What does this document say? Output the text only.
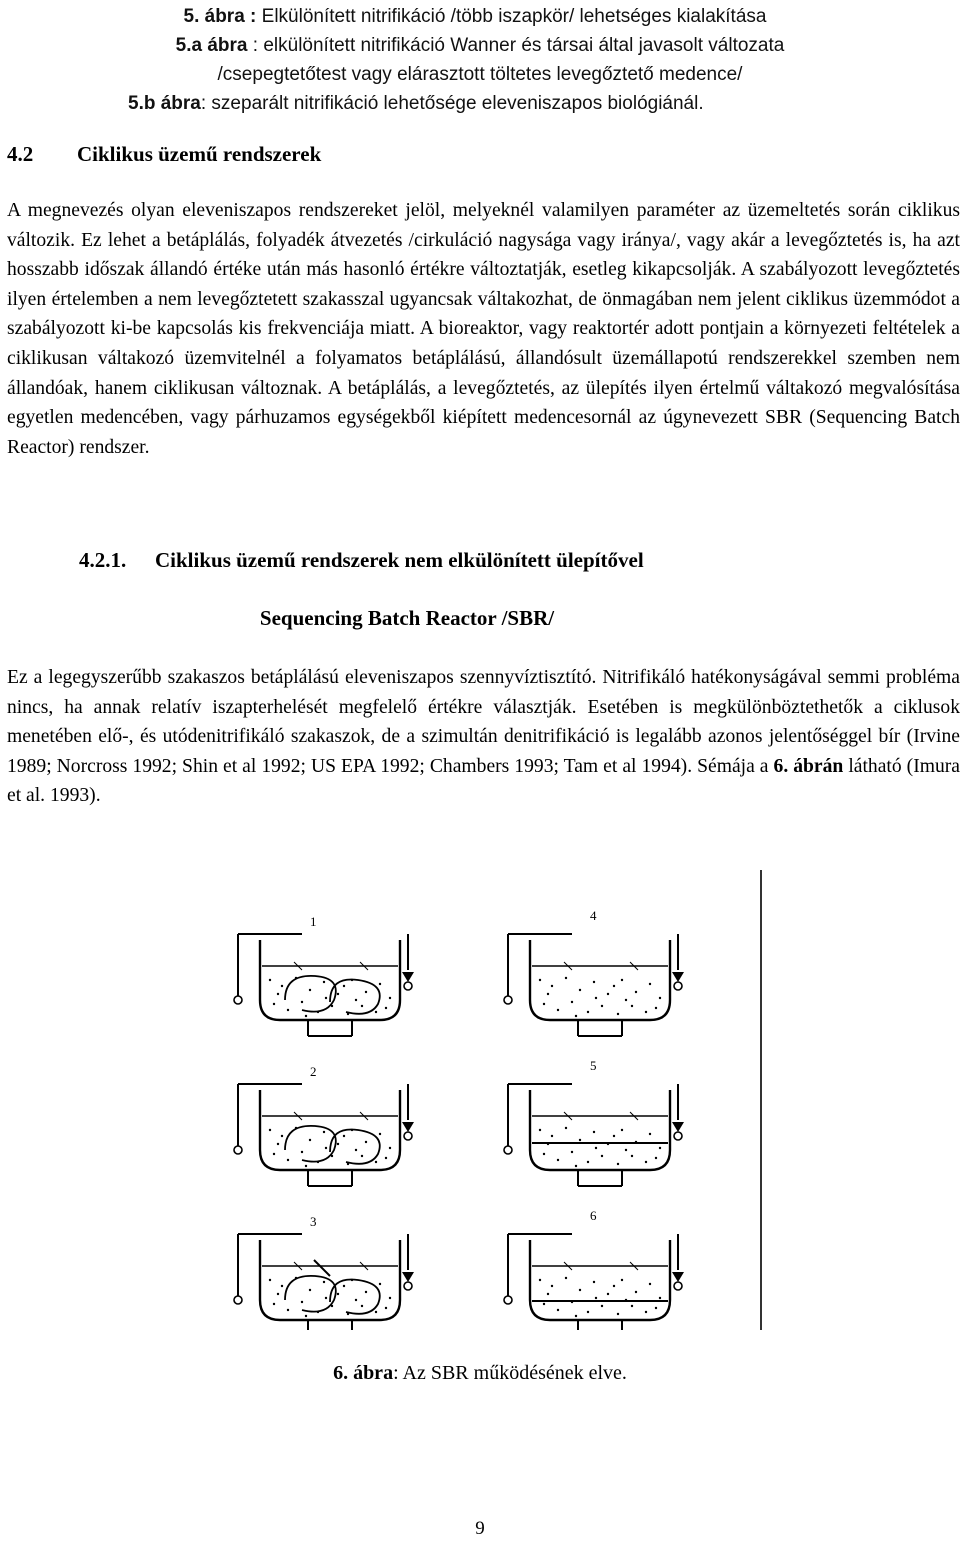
5. ábra : Elkülönített nitrifikáció /több iszapkör/ lehetséges kialakítása
5.a ábra : elkülönített nitrifikáció Wanner és társai által javasolt változata
/csepegtetőtest vagy elárasztott töltetes levegőztető medence/
5.b ábra: szeparált nitrifikáció lehetősége eleveniszapos biológiánál.
4.2 Ciklikus üzemű rendszerek
A megnevezés olyan eleveniszapos rendszereket jelöl, melyeknél valamilyen paraméter az üzemeltetés során ciklikus változik. Ez lehet a betáplálás, folyadék átvezetés /cirkuláció nagysága vagy iránya/, vagy akár a levegőztetés is, ha azt hosszabb időszak állandó értéke után más hasonló értékre változtatják, esetleg kikapcsolják. A szabályozott levegőztetés ilyen értelemben a nem levegőztetett szakasszal ugyancsak váltakozhat, de önmagában nem jelent ciklikus üzemmódot a szabályozott ki-be kapcsolás kis frekvenciája miatt. A bioreaktor, vagy reaktortér adott pontjain a környezeti feltételek a ciklikusan váltakozó üzemvitelnél a folyamatos betáplálású, állandósult üzemállapotú rendszerekkel szemben nem állandóak, hanem ciklikusan változnak. A betáplálás, a levegőztetés, az ülepítés ilyen értelmű váltakozó megvalósítása egyetlen medencében, vagy párhuzamos egységekből kiépített medencesornál az úgynevezett SBR (Sequencing Batch Reactor) rendszer.
4.2.1. Ciklikus üzemű rendszerek nem elkülönített ülepítővel
Sequencing Batch Reactor /SBR/
Ez a legegyszerűbb szakaszos betáplálású eleveniszapos szennyvíztisztító. Nitrifikáló hatékonyságával semmi probléma nincs, ha annak relatív iszapterhelését megfelelő értékre választják. Esetében is megkülönböztethetők a ciklusok menetében elő-, és utódenitrifikáló szakaszok, de a szimultán denitrifikáció is legalább azonos jelentőséggel bír (Irvine 1989; Norcross 1992; Shin et al 1992; US EPA 1992; Chambers 1993; Tam et al 1994). Sémája a 6. ábrán látható (Imura et al. 1993).
1
2
3
4
5
6
6. ábra: Az SBR működésének elve.
9
